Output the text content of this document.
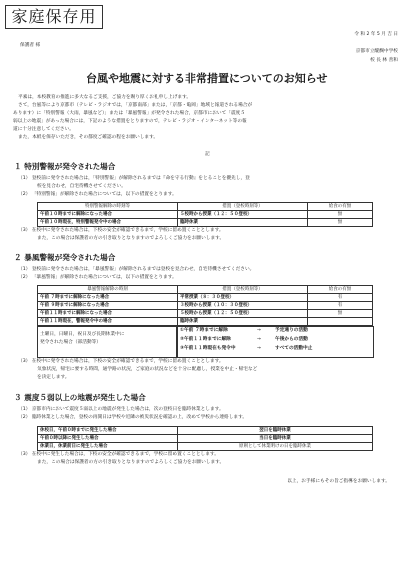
家庭保存用
令 和 2 年 5 月 吉 日
保護者 様
京都市立醍醐中学校
校 長 林 善和
台風や地震に対する非常措置についてのお知らせ
平素は，本校教育の推進に多大なるご支援，ご協力を賜り厚くお礼申し上げます。
さて，台風等により京都市（テレビ・ラジオでは，「京都南部」または，「京都・亀岡」地域と報道される場合が
あります）に「特別警報（大雨，暴風など）」または「暴風警報」が発令された場合，京都市において「震度５
弱以上の地震」があった場合には，下記のような措置をとりますので，テレビ・ラジオ・インターネット等の報
道に十分注意してください。
また，本紙を保存いただき，その都度ご確認の程をお願いします。
記
１ 特別警報が発令された場合
（1） 登校前に発令された場合は，「特別警報」が解除されるまでは『命を守る行動』をとることを優先し，登
校を見合わせ，自宅待機させてください。
（2） 「特別警報」が解除された場合については，以下の措置をとります。
特別警報解除の時刻等	措置（登校時刻等）	給食の有無
午前１０時までに解除になった場合	５校時から授業（１２：５０登校）	無
午前１０時現在，特別警報発令中の場合	臨時休業	無
（3） 在校中に発令された場合は，下校の安全が確認できるまで，学校に留め置くこととします。
また，この場合は保護者の方の引き取りとなりますのでよろしくご協力をお願いします。
２ 暴風警報が発令された場合
（1） 登校前に発令された場合は，「暴風警報」が解除されるまでは登校を見合わせ，自宅待機させてください。
（2） 「暴風警報」が解除された場合については，以下の措置をとります。
暴風警報解除の時刻	措置（登校時刻等）	給食の有無
午前 ７時までに解除になった場合	平常授業（８：３０登校）	有
午前 ９時までに解除になった場合	３校時から授業（１０：３０登校）	有
午前１１時までに解除になった場合	５校時から授業（１２：５０登校）	無
午前１１時現在，警報発令中の場合	臨時休業	
土曜日，日曜日，祝日及び長期休業中に
発令された場合（部活動等）
①午前 ７時までに解除	→	予定通りの活動
②午前１１時までに解除	→	午後からの活動
③午前１１時現在も発令中	→	すべての活動中止
（3） 在校中に発令された場合は，下校の安全が確認できるまで，学校に留め置くこととします。
気象状況，帰宅に要する時間，通学路の状況，ご家庭の状況などを十分に配慮し，授業を中止・帰宅など
を決定します。
３ 震度５弱以上の地震が発生した場合
（1） 京都市内において震度５弱以上の地震が発生した場合は，次の登校日を臨時休業とします。
（2） 臨時休業とした場合，登校の再開日は学校や近隣の被災状況を確認の上，改めて学校から連絡します。
休校日，午前０時までに発生した場合	翌日を臨時休業
午前０時以降に発生した場合	当日を臨時休業
休業日，休業前日に発生した場合	原則として休業明けの日を臨時休業
（3） 在校中に発生した場合は，下校の安全が確認できるまで，学校に留め置くこととします。
また，この場合は保護者の方の引き取りとなりますのでよろしくご協力をお願いします。
以上，お手様にもその旨ご指導をお願いします。
